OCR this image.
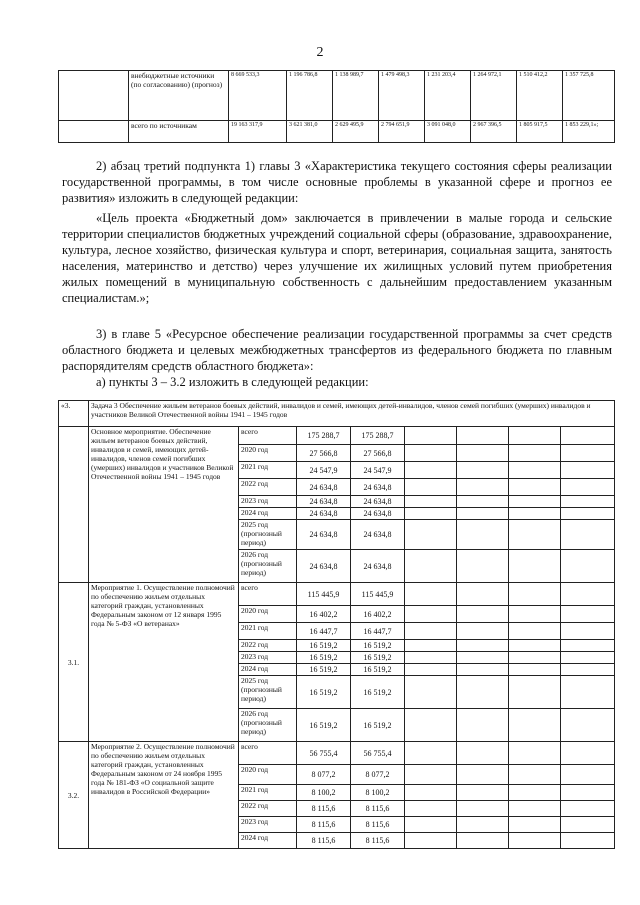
2
	внебюджетные источники (по согласованию) (прогноз)	8 669 533,3	1 196 786,8	1 138 989,7	1 479 498,3	1 231 203,4	1 264 972,1	1 510 412,2	1 357 725,8
	всего по источникам	19 163 317,9	3 621 381,0	2 629 495,9	2 794 651,9	3 091 048,0	2 967 396,5	1 805 917,5	1 853 229,1»;

2) абзац третий подпункта 1) главы 3 «Характеристика текущего состояния сферы реализации государственной программы, в том числе основные проблемы в указанной сфере и прогноз ее развития» изложить в следующей редакции:

«Цель проекта «Бюджетный дом» заключается в привлечении в малые города и сельские территории специалистов бюджетных учреждений социальной сферы (образование, здравоохранение, культура, лесное хозяйство, физическая культура и спорт, ветеринария, социальная защита, занятость населения, материнство и детство) через улучшение их жилищных условий путем приобретения жилых помещений в муниципальную собственность с дальнейшим предоставлением указанным специалистам.»;

3) в главе 5 «Ресурсное обеспечение реализации государственной программы за счет средств областного бюджета и целевых межбюджетных трансфертов из федерального бюджета по главным распорядителям средств областного бюджета»:

а) пункты 3 – 3.2 изложить в следующей редакции:

«3.	Задача 3 Обеспечение жильем ветеранов боевых действий, инвалидов и семей, имеющих детей-инвалидов, членов семей погибших (умерших) инвалидов и участников Великой Отечественной войны 1941 – 1945 годов							
	Основное мероприятие. Обеспечение жильем ветеранов боевых действий, инвалидов и семей, имеющих детей-инвалидов, членов семей погибших (умерших) инвалидов и участников Великой Отечественной войны 1941 – 1945 годов	всего	175 288,7	175 288,7				
		2020 год	27 566,8	27 566,8				
		2021 год	24 547,9	24 547,9				
		2022 год	24 634,8	24 634,8				
		2023 год	24 634,8	24 634,8				
		2024 год	24 634,8	24 634,8				
		2025 год (прогнозный период)	24 634,8	24 634,8				
		2026 год (прогнозный период)	24 634,8	24 634,8				
3.1.	Мероприятие 1. Осуществление полномочий по обеспечению жильем отдельных категорий граждан, установленных Федеральным законом от 12 января 1995 года № 5-ФЗ «О ветеранах»	всего	115 445,9	115 445,9				
		2020 год	16 402,2	16 402,2				
		2021 год	16 447,7	16 447,7				
		2022 год	16 519,2	16 519,2				
		2023 год	16 519,2	16 519,2				
		2024 год	16 519,2	16 519,2				
		2025 год (прогнозный период)	16 519,2	16 519,2				
		2026 год (прогнозный период)	16 519,2	16 519,2				
3.2.	Мероприятие 2. Осуществление полномочий по обеспечению жильем отдельных категорий граждан, установленных Федеральным законом от 24 ноября 1995 года № 181-ФЗ «О социальной защите инвалидов в Российской Федерации»	всего	56 755,4	56 755,4				
		2020 год	8 077,2	8 077,2				
		2021 год	8 100,2	8 100,2				
		2022 год	8 115,6	8 115,6				
		2023 год	8 115,6	8 115,6				
		2024 год	8 115,6	8 115,6				
